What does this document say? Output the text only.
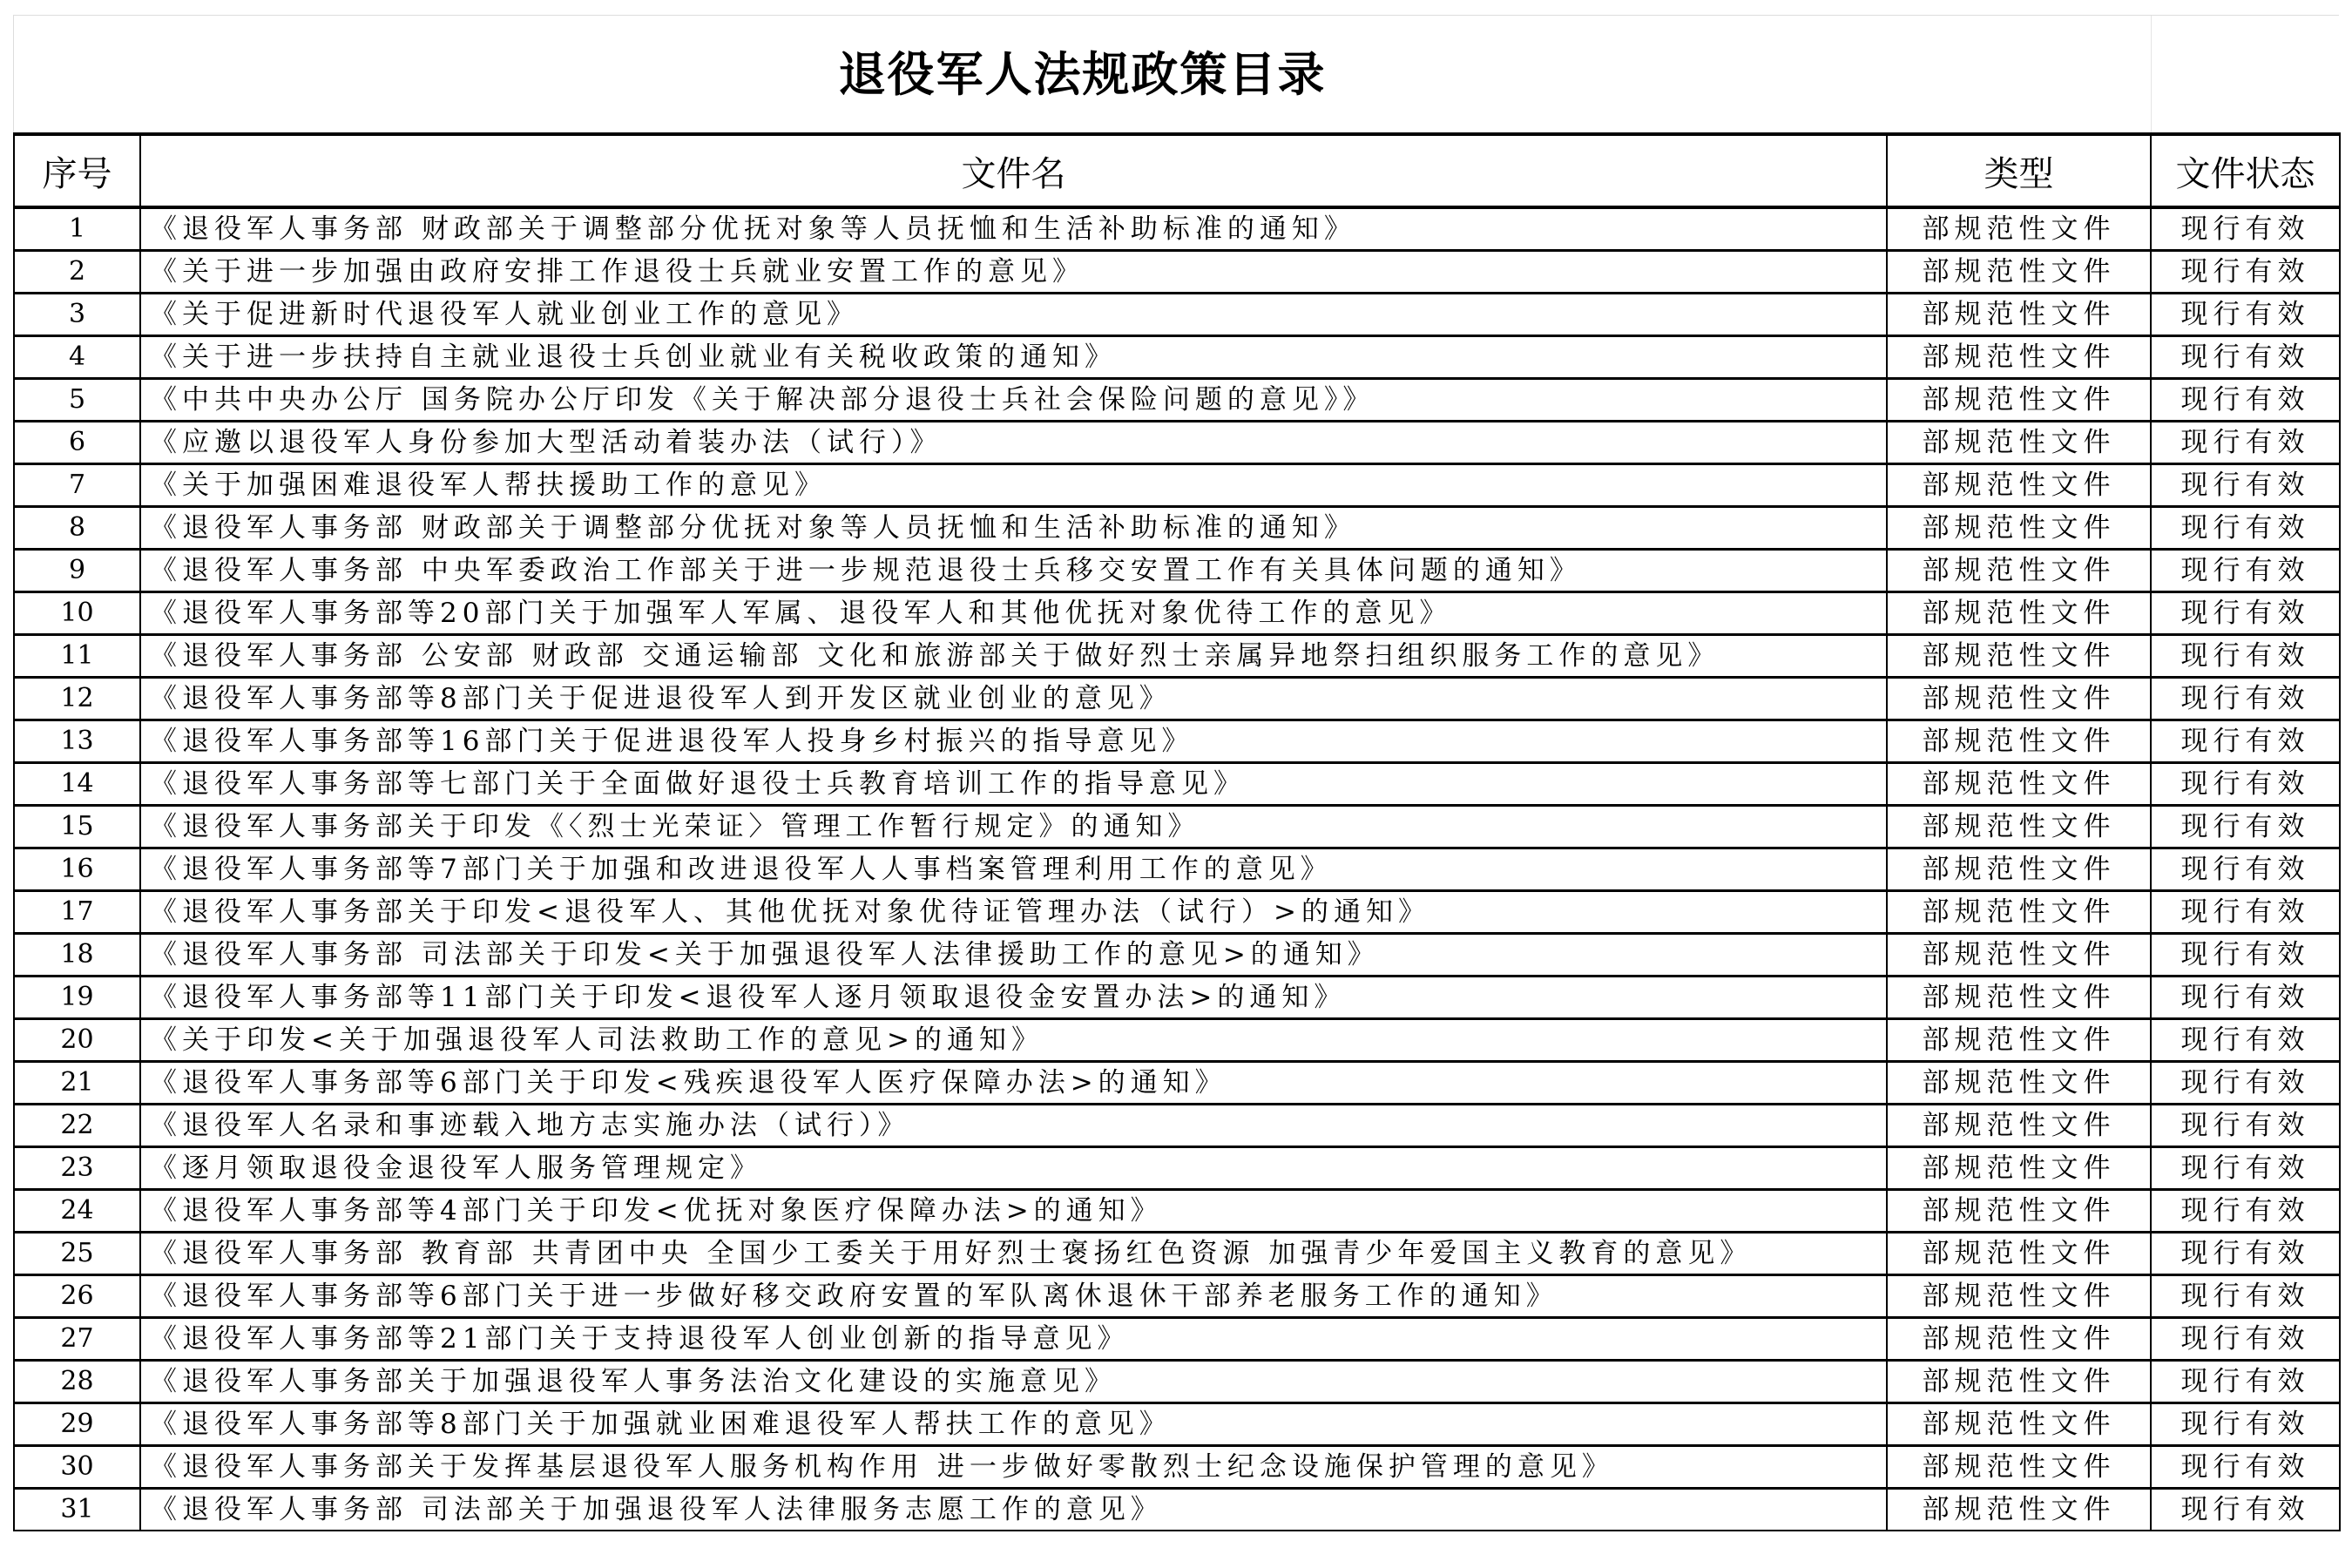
退役军人法规政策目录
序号	文件名	类型	文件状态
1	《退役军人事务部 财政部关于调整部分优抚对象等人员抚恤和生活补助标准的通知》	部规范性文件	现行有效
2	《关于进一步加强由政府安排工作退役士兵就业安置工作的意见》	部规范性文件	现行有效
3	《关于促进新时代退役军人就业创业工作的意见》	部规范性文件	现行有效
4	《关于进一步扶持自主就业退役士兵创业就业有关税收政策的通知》	部规范性文件	现行有效
5	《中共中央办公厅 国务院办公厅印发《关于解决部分退役士兵社会保险问题的意见》》	部规范性文件	现行有效
6	《应邀以退役军人身份参加大型活动着装办法（试行）》	部规范性文件	现行有效
7	《关于加强困难退役军人帮扶援助工作的意见》	部规范性文件	现行有效
8	《退役军人事务部 财政部关于调整部分优抚对象等人员抚恤和生活补助标准的通知》	部规范性文件	现行有效
9	《退役军人事务部 中央军委政治工作部关于进一步规范退役士兵移交安置工作有关具体问题的通知》	部规范性文件	现行有效
10	《退役军人事务部等20部门关于加强军人军属、退役军人和其他优抚对象优待工作的意见》	部规范性文件	现行有效
11	《退役军人事务部 公安部 财政部 交通运输部 文化和旅游部关于做好烈士亲属异地祭扫组织服务工作的意见》	部规范性文件	现行有效
12	《退役军人事务部等8部门关于促进退役军人到开发区就业创业的意见》	部规范性文件	现行有效
13	《退役军人事务部等16部门关于促进退役军人投身乡村振兴的指导意见》	部规范性文件	现行有效
14	《退役军人事务部等七部门关于全面做好退役士兵教育培训工作的指导意见》	部规范性文件	现行有效
15	《退役军人事务部关于印发《〈烈士光荣证〉管理工作暂行规定》的通知》	部规范性文件	现行有效
16	《退役军人事务部等7部门关于加强和改进退役军人人事档案管理利用工作的意见》	部规范性文件	现行有效
17	《退役军人事务部关于印发<退役军人、其他优抚对象优待证管理办法（试行）>的通知》	部规范性文件	现行有效
18	《退役军人事务部 司法部关于印发<关于加强退役军人法律援助工作的意见>的通知》	部规范性文件	现行有效
19	《退役军人事务部等11部门关于印发<退役军人逐月领取退役金安置办法>的通知》	部规范性文件	现行有效
20	《关于印发<关于加强退役军人司法救助工作的意见>的通知》	部规范性文件	现行有效
21	《退役军人事务部等6部门关于印发<残疾退役军人医疗保障办法>的通知》	部规范性文件	现行有效
22	《退役军人名录和事迹载入地方志实施办法（试行）》	部规范性文件	现行有效
23	《逐月领取退役金退役军人服务管理规定》	部规范性文件	现行有效
24	《退役军人事务部等4部门关于印发<优抚对象医疗保障办法>的通知》	部规范性文件	现行有效
25	《退役军人事务部 教育部 共青团中央 全国少工委关于用好烈士褒扬红色资源 加强青少年爱国主义教育的意见》	部规范性文件	现行有效
26	《退役军人事务部等6部门关于进一步做好移交政府安置的军队离休退休干部养老服务工作的通知》	部规范性文件	现行有效
27	《退役军人事务部等21部门关于支持退役军人创业创新的指导意见》	部规范性文件	现行有效
28	《退役军人事务部关于加强退役军人事务法治文化建设的实施意见》	部规范性文件	现行有效
29	《退役军人事务部等8部门关于加强就业困难退役军人帮扶工作的意见》	部规范性文件	现行有效
30	《退役军人事务部关于发挥基层退役军人服务机构作用 进一步做好零散烈士纪念设施保护管理的意见》	部规范性文件	现行有效
31	《退役军人事务部 司法部关于加强退役军人法律服务志愿工作的意见》	部规范性文件	现行有效
